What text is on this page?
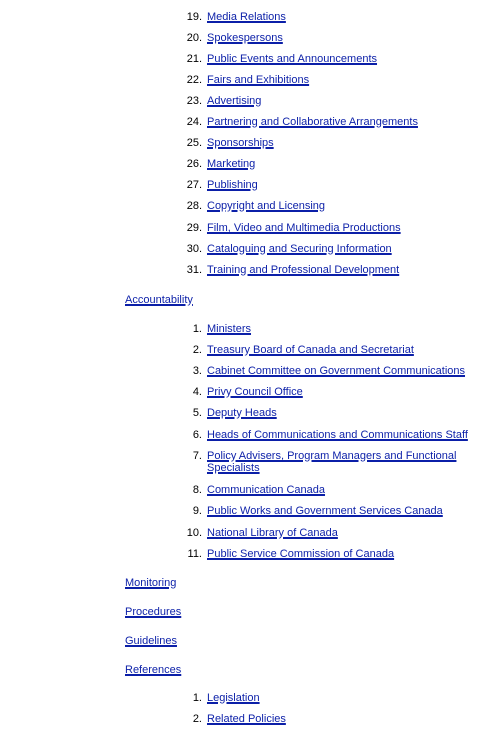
19. Media Relations
20. Spokespersons
21. Public Events and Announcements
22. Fairs and Exhibitions
23. Advertising
24. Partnering and Collaborative Arrangements
25. Sponsorships
26. Marketing
27. Publishing
28. Copyright and Licensing
29. Film, Video and Multimedia Productions
30. Cataloguing and Securing Information
31. Training and Professional Development
Accountability
1. Ministers
2. Treasury Board of Canada and Secretariat
3. Cabinet Committee on Government Communications
4. Privy Council Office
5. Deputy Heads
6. Heads of Communications and Communications Staff
7. Policy Advisers, Program Managers and Functional Specialists
8. Communication Canada
9. Public Works and Government Services Canada
10. National Library of Canada
11. Public Service Commission of Canada
Monitoring
Procedures
Guidelines
References
1. Legislation
2. Related Policies
